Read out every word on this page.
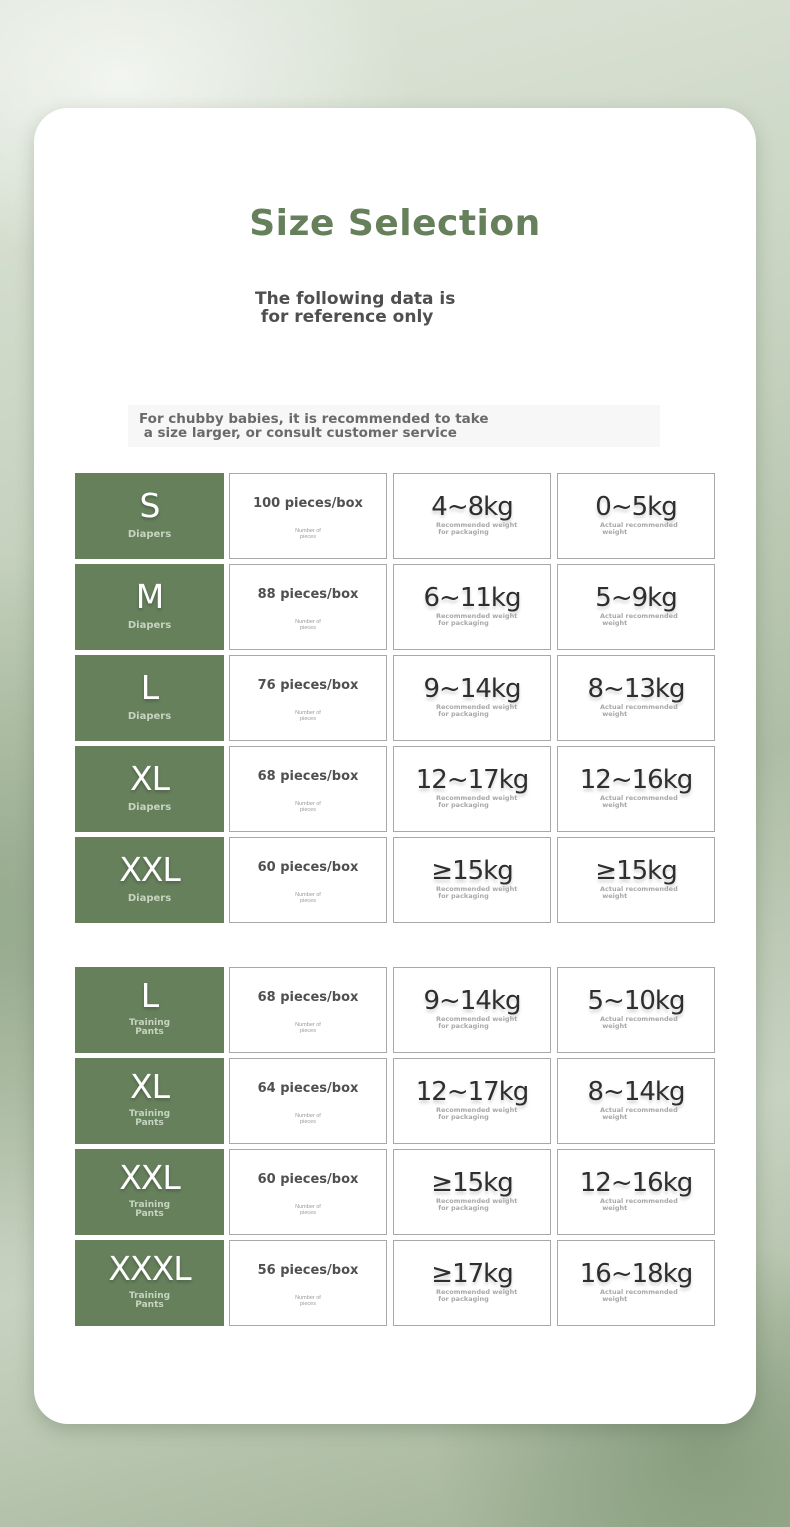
Size Selection
The following data is
for reference only
For chubby babies, it is recommended to take
a size larger, or consult customer service
S
Diapers
100 pieces/box
Number of
pieces
4~8kg
Recommended weight
for packaging
0~5kg
Actual recommended
weight
M
Diapers
88 pieces/box
Number of
pieces
6~11kg
Recommended weight
for packaging
5~9kg
Actual recommended
weight
L
Diapers
76 pieces/box
Number of
pieces
9~14kg
Recommended weight
for packaging
8~13kg
Actual recommended
weight
XL
Diapers
68 pieces/box
Number of
pieces
12~17kg
Recommended weight
for packaging
12~16kg
Actual recommended
weight
XXL
Diapers
60 pieces/box
Number of
pieces
≥15kg
Recommended weight
for packaging
≥15kg
Actual recommended
weight
L
Training
Pants
68 pieces/box
Number of
pieces
9~14kg
Recommended weight
for packaging
5~10kg
Actual recommended
weight
XL
Training
Pants
64 pieces/box
Number of
pieces
12~17kg
Recommended weight
for packaging
8~14kg
Actual recommended
weight
XXL
Training
Pants
60 pieces/box
Number of
pieces
≥15kg
Recommended weight
for packaging
12~16kg
Actual recommended
weight
XXXL
Training
Pants
56 pieces/box
Number of
pieces
≥17kg
Recommended weight
for packaging
16~18kg
Actual recommended
weight
